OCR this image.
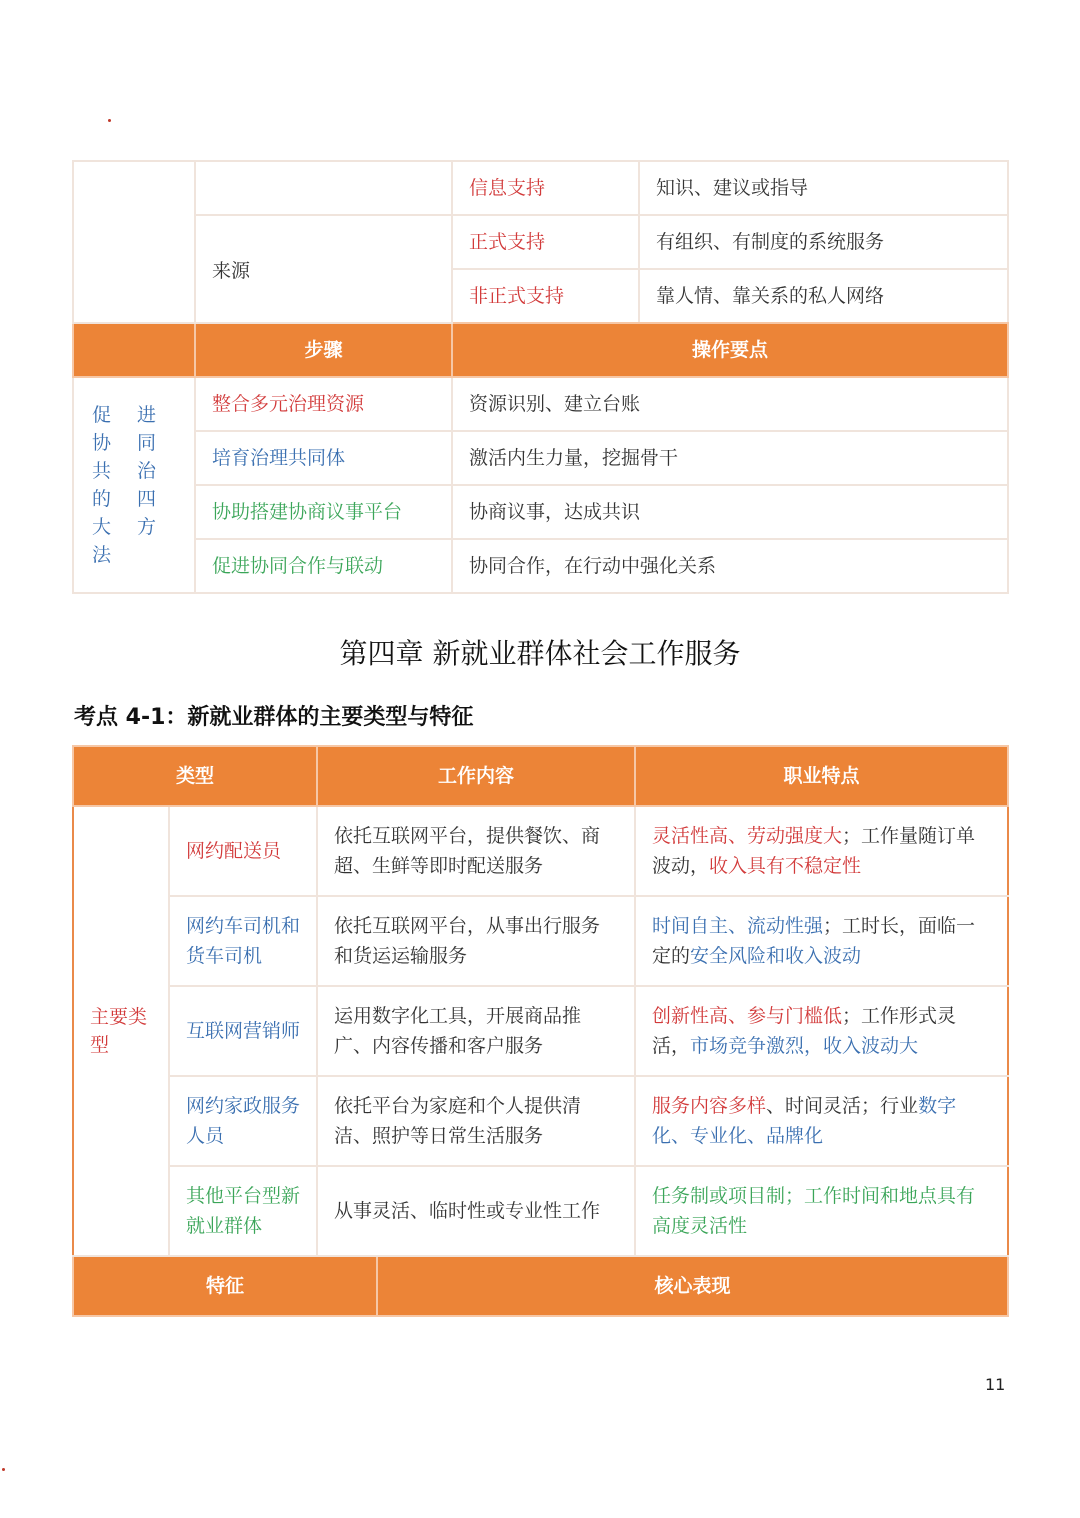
		信息支持	知识、建议或指导
	来源	正式支持	有组织、有制度的系统服务
		非正式支持	靠人情、靠关系的私人网络

	步骤	操作要点	
促 进 协 同 共 治 的 四 大 方法	整合多元治理资源	资源识别、建立台账	
	培育治理共同体	激活内生力量，挖掘骨干	
	协助搭建协商议事平台	协商议事，达成共识	
	促进协同合作与联动	协同合作，在行动中强化关系	
第四章 新就业群体社会工作服务
考点 4-1：新就业群体的主要类型与特征
类型		工作内容		职业特点
主要类型	网约配送员	依托互联网平台，提供餐饮、商超、生鲜等即时配送服务		灵活性高、劳动强度大；工作量随订单波动，收入具有不稳定性
	网约车司机和货车司机	依托互联网平台，从事出行服务和货运运输服务		时间自主、流动性强；工时长，面临一定的安全风险和收入波动
	互联网营销师	运用数字化工具，开展商品推广、内容传播和客户服务		创新性高、参与门槛低；工作形式灵活，市场竞争激烈，收入波动大
	网约家政服务人员	依托平台为家庭和个人提供清洁、照护等日常生活服务		服务内容多样、时间灵活；行业数字化、专业化、品牌化
	其他平台型新就业群体	从事灵活、临时性或专业性工作		任务制或项目制；工作时间和地点具有高度灵活性
特征			核心表现	
11
